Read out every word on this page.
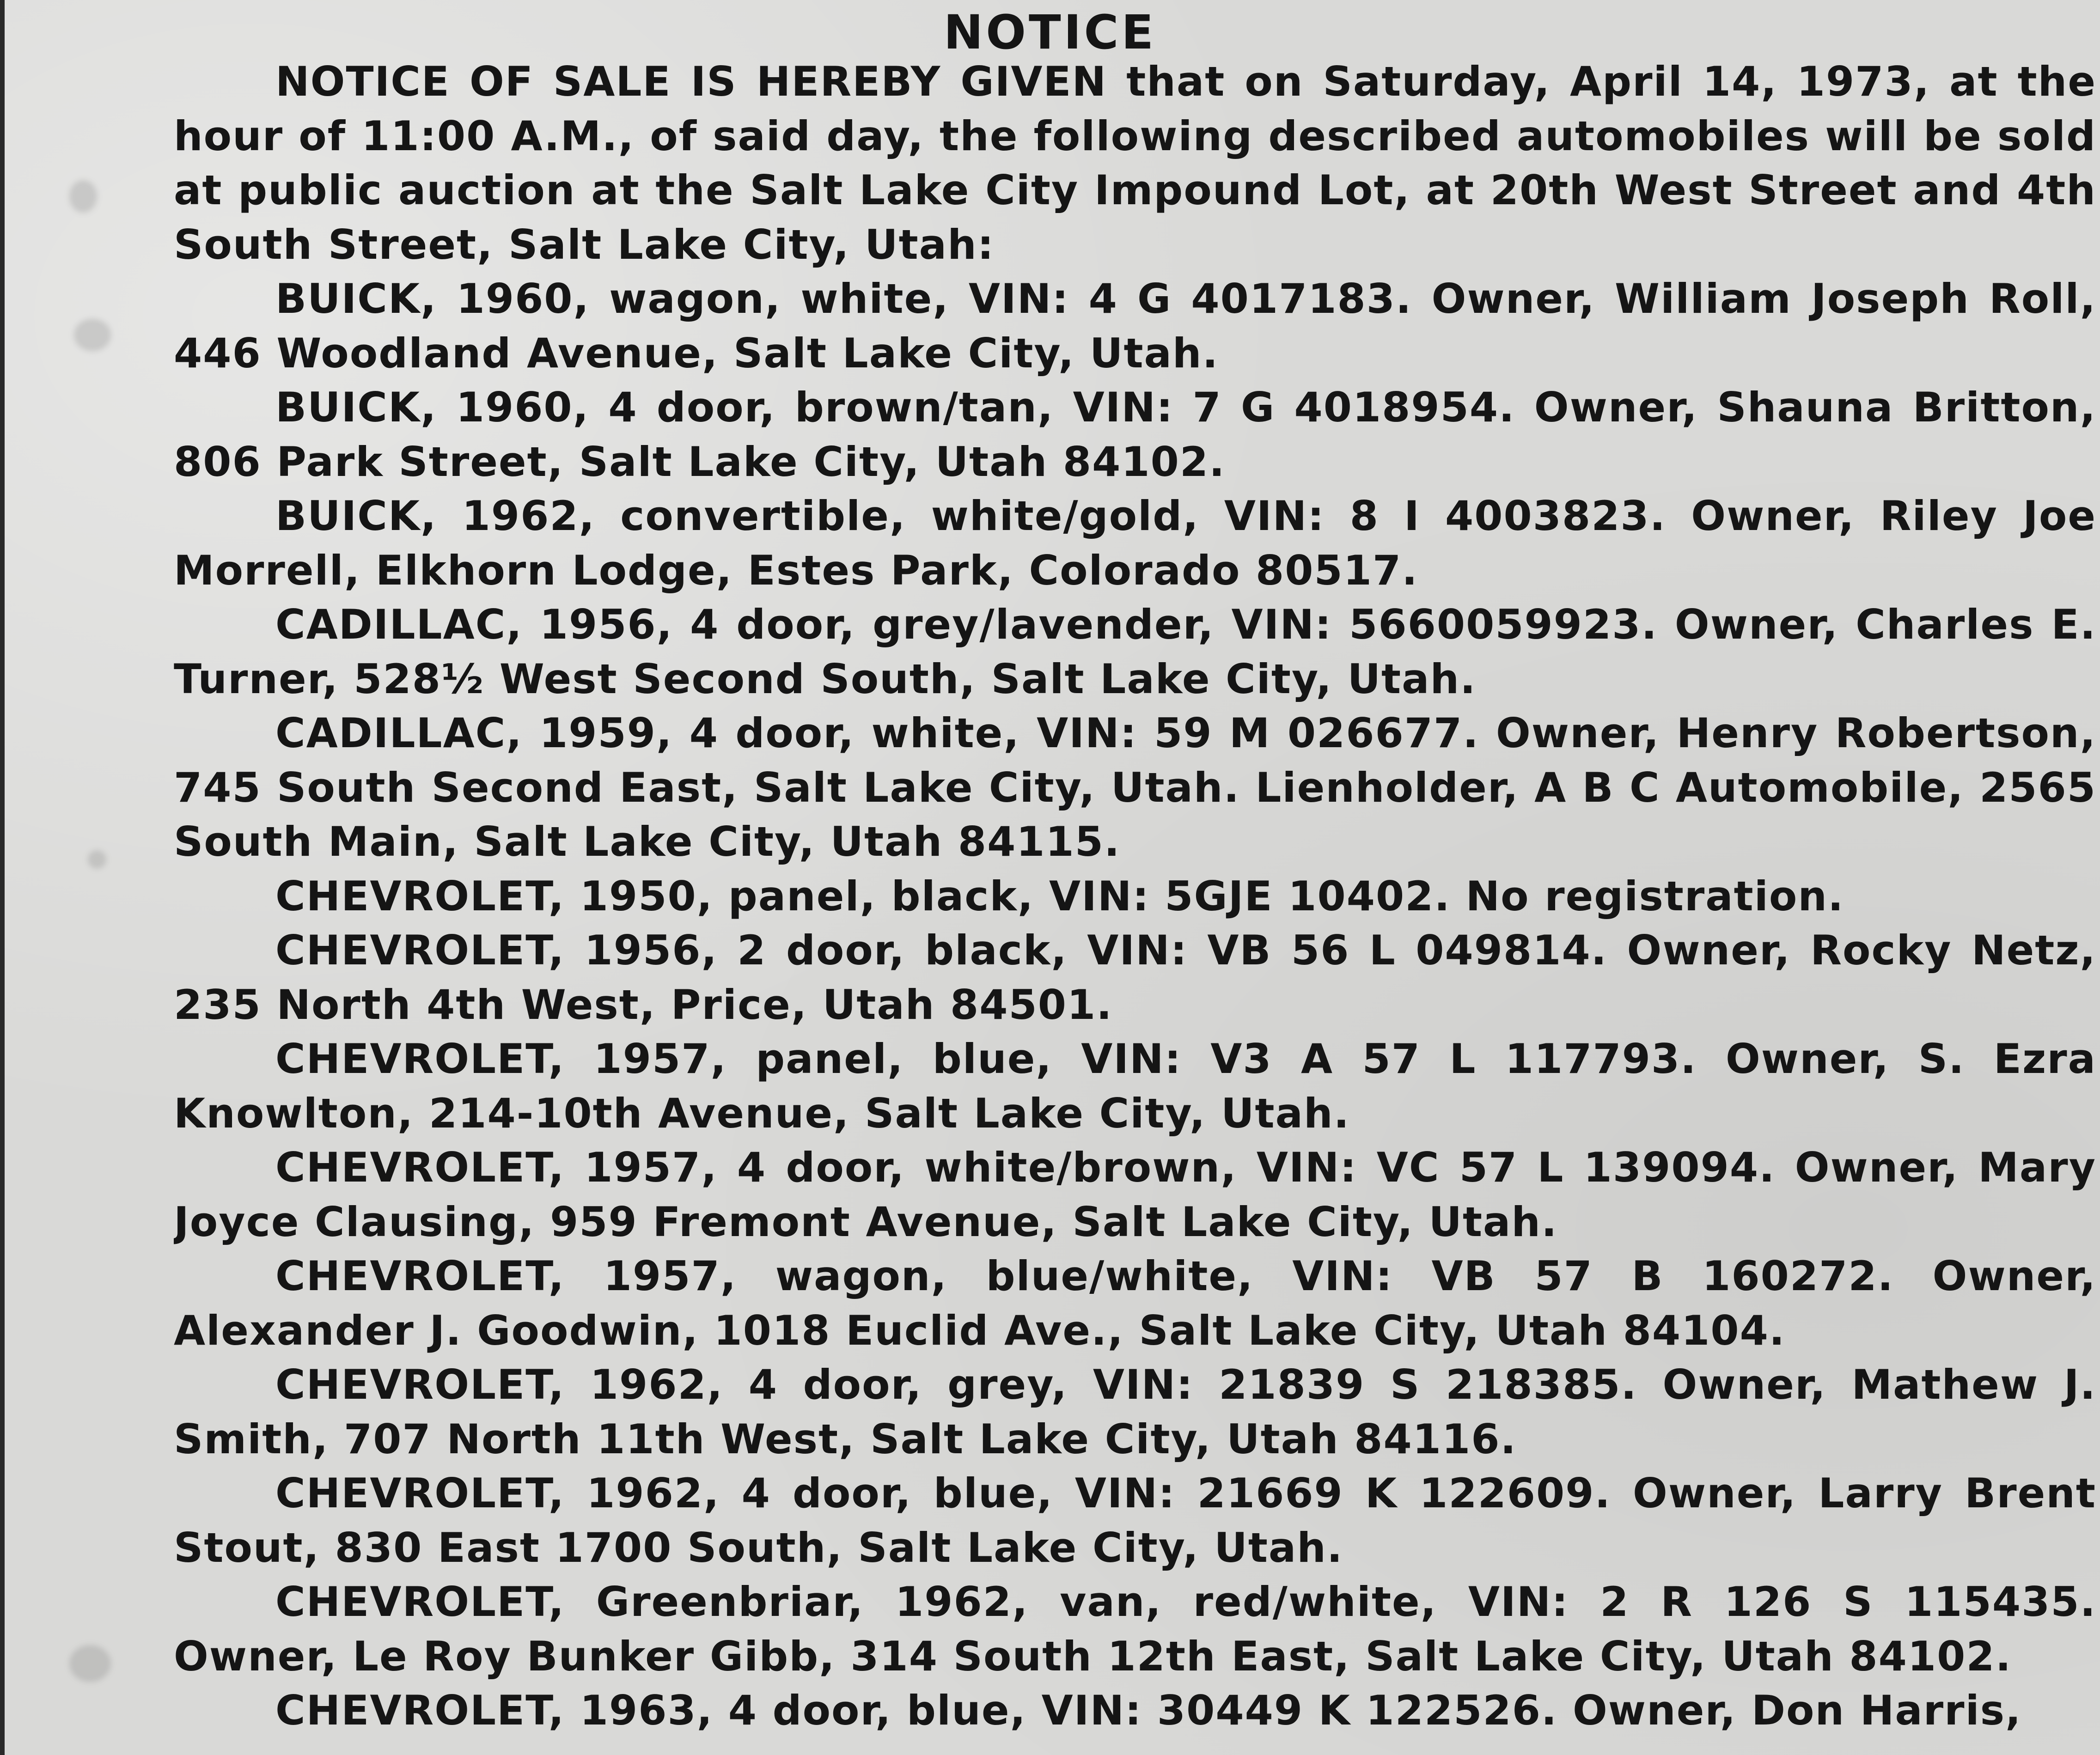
NOTICE

NOTICE OF SALE IS HEREBY GIVEN that on Saturday, April 14, 1973, at the hour of 11:00 A.M., of said day, the following described automobiles will be sold at public auction at the Salt Lake City Impound Lot, at 20th West Street and 4th South Street, Salt Lake City, Utah:

BUICK, 1960, wagon, white, VIN: 4 G 4017183. Owner, William Joseph Roll, 446 Woodland Avenue, Salt Lake City, Utah.

BUICK, 1960, 4 door, brown/tan, VIN: 7 G 4018954. Owner, Shauna Britton, 806 Park Street, Salt Lake City, Utah 84102.

BUICK, 1962, convertible, white/gold, VIN: 8 I 4003823. Owner, Riley Joe Morrell, Elkhorn Lodge, Estes Park, Colorado 80517.

CADILLAC, 1956, 4 door, grey/lavender, VIN: 5660059923. Owner, Charles E. Turner, 528½ West Second South, Salt Lake City, Utah.

CADILLAC, 1959, 4 door, white, VIN: 59 M 026677. Owner, Henry Robertson, 745 South Second East, Salt Lake City, Utah. Lienholder, A B C Automobile, 2565 South Main, Salt Lake City, Utah 84115.

CHEVROLET, 1950, panel, black, VIN: 5GJE 10402. No registration.

CHEVROLET, 1956, 2 door, black, VIN: VB 56 L 049814. Owner, Rocky Netz, 235 North 4th West, Price, Utah 84501.

CHEVROLET, 1957, panel, blue, VIN: V3 A 57 L 117793. Owner, S. Ezra Knowlton, 214-10th Avenue, Salt Lake City, Utah.

CHEVROLET, 1957, 4 door, white/brown, VIN: VC 57 L 139094. Owner, Mary Joyce Clausing, 959 Fremont Avenue, Salt Lake City, Utah.

CHEVROLET, 1957, wagon, blue/white, VIN: VB 57 B 160272. Owner, Alexander J. Goodwin, 1018 Euclid Ave., Salt Lake City, Utah 84104.

CHEVROLET, 1962, 4 door, grey, VIN: 21839 S 218385. Owner, Mathew J. Smith, 707 North 11th West, Salt Lake City, Utah 84116.

CHEVROLET, 1962, 4 door, blue, VIN: 21669 K 122609. Owner, Larry Brent Stout, 830 East 1700 South, Salt Lake City, Utah.

CHEVROLET, Greenbriar, 1962, van, red/white, VIN: 2 R 126 S 115435. Owner, Le Roy Bunker Gibb, 314 South 12th East, Salt Lake City, Utah 84102.

CHEVROLET, 1963, 4 door, blue, VIN: 30449 K 122526. Owner, Don Harris,
